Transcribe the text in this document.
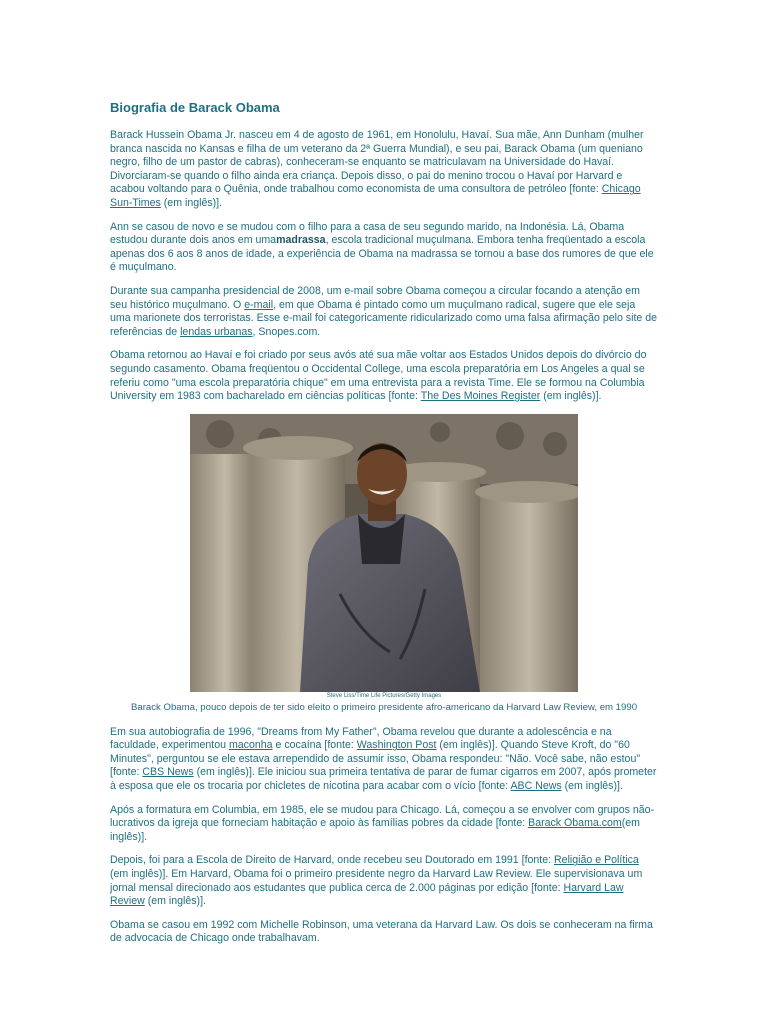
Biografia de Barack Obama

Barack Hussein Obama Jr. nasceu em 4 de agosto de 1961, em Honolulu, Havaí. Sua mãe, Ann Dunham (mulher branca nascida no Kansas e filha de um veterano da 2ª Guerra Mundial), e seu pai, Barack Obama (um queniano negro, filho de um pastor de cabras), conheceram-se enquanto se matriculavam na Universidade do Havaí. Divorciaram-se quando o filho ainda era criança. Depois disso, o pai do menino trocou o Havaí por Harvard e acabou voltando para o Quênia, onde trabalhou como economista de uma consultora de petróleo [fonte: Chicago Sun-Times (em inglês)].

Ann se casou de novo e se mudou com o filho para a casa de seu segundo marido, na Indonésia. Lá, Obama estudou durante dois anos em umamadrassa, escola tradicional muçulmana. Embora tenha freqüentado a escola apenas dos 6 aos 8 anos de idade, a experiência de Obama na madrassa se tornou a base dos rumores de que ele é muçulmano.

Durante sua campanha presidencial de 2008, um e-mail sobre Obama começou a circular focando a atenção em seu histórico muçulmano. O e-mail, em que Obama é pintado como um muçulmano radical, sugere que ele seja uma marionete dos terroristas. Esse e-mail foi categoricamente ridicularizado como uma falsa afirmação pelo site de referências de lendas urbanas, Snopes.com.

Obama retornou ao Havaí e foi criado por seus avós até sua mãe voltar aos Estados Unidos depois do divórcio do segundo casamento. Obama freqüentou o Occidental College, uma escola preparatória em Los Angeles a qual se referiu como "uma escola preparatória chique" em uma entrevista para a revista Time. Ele se formou na Columbia University em 1983 com bacharelado em ciências políticas [fonte: The Des Moines Register (em inglês)].

Steve Liss/Time Life Pictures/Getty Images
Barack Obama, pouco depois de ter sido eleito o primeiro presidente afro-americano da Harvard Law Review, em 1990

Em sua autobiografia de 1996, "Dreams from My Father", Obama revelou que durante a adolescência e na faculdade, experimentou maconha e cocaína [fonte: Washington Post (em inglês)]. Quando Steve Kroft, do "60 Minutes", perguntou se ele estava arrependido de assumir isso, Obama respondeu: "Não. Você sabe, não estou" [fonte: CBS News (em inglês)]. Ele iniciou sua primeira tentativa de parar de fumar cigarros em 2007, após prometer à esposa que ele os trocaria por chicletes de nicotina para acabar com o vício [fonte: ABC News (em inglês)].

Após a formatura em Columbia, em 1985, ele se mudou para Chicago. Lá, começou a se envolver com grupos não-lucrativos da igreja que forneciam habitação e apoio às famílias pobres da cidade [fonte: Barack Obama.com(em inglês)].

Depois, foi para a Escola de Direito de Harvard, onde recebeu seu Doutorado em 1991 [fonte: Religião e Política (em inglês)]. Em Harvard, Obama foi o primeiro presidente negro da Harvard Law Review. Ele supervisionava um jornal mensal direcionado aos estudantes que publica cerca de 2.000 páginas por edição [fonte: Harvard Law Review (em inglês)].

Obama se casou em 1992 com Michelle Robinson, uma veterana da Harvard Law. Os dois se conheceram na firma de advocacia de Chicago onde trabalhavam.
